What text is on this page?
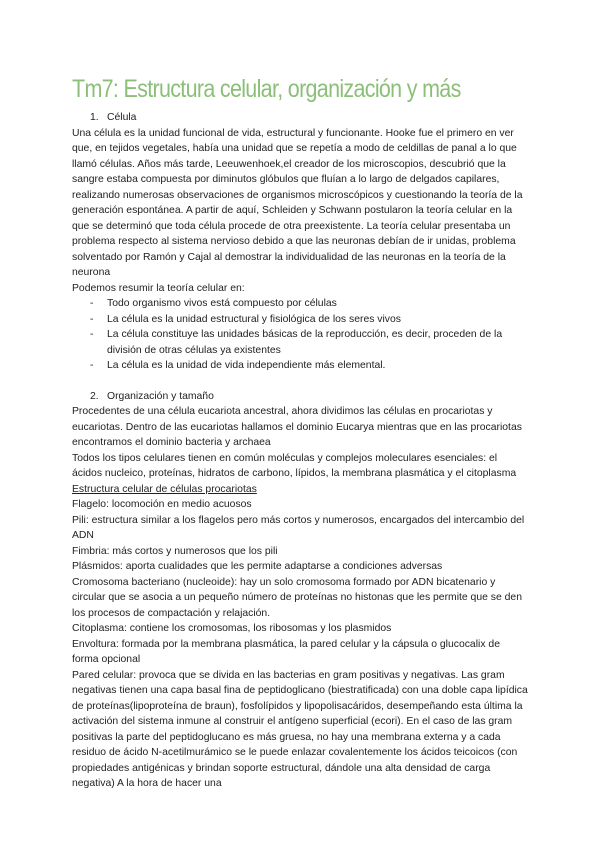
Tm7: Estructura celular, organización y más
1. Célula

Una célula es la unidad funcional de vida, estructural y funcionante. Hooke fue el primero en ver que, en tejidos vegetales, había una unidad que se repetía a modo de celdillas de panal a lo que llamó células. Años más tarde, Leeuwenhoek,el creador de los microscopios, descubrió que la sangre estaba compuesta por diminutos glóbulos que fluían a lo largo de delgados capilares, realizando numerosas observaciones de organismos microscópicos y cuestionando la teoría de la generación espontánea. A partir de aquí, Schleiden y Schwann postularon la teoría celular en la que se determinó que toda célula procede de otra preexistente. La teoría celular presentaba un problema respecto al sistema nervioso debido a que las neuronas debían de ir unidas, problema solventado por Ramón y Cajal al demostrar la individualidad de las neuronas en la teoría de la neurona

Podemos resumir la teoría celular en:

- Todo organismo vivos está compuesto por células
- La célula es la unidad estructural y fisiológica de los seres vivos
- La célula constituye las unidades básicas de la reproducción, es decir, proceden de la división de otras células ya existentes
- La célula es la unidad de vida independiente más elemental.
2. Organización y tamaño

Procedentes de una célula eucariota ancestral, ahora dividimos las células en procariotas y eucariotas. Dentro de las eucariotas hallamos el dominio Eucarya mientras que en las procariotas encontramos el dominio bacteria y archaea

Todos los tipos celulares tienen en común moléculas y complejos moleculares esenciales: el ácidos nucleico, proteínas, hidratos de carbono, lípidos, la membrana plasmática y el citoplasma

Estructura celular de células procariotas

Flagelo: locomoción en medio acuosos

Pili: estructura similar a los flagelos pero más cortos y numerosos, encargados del intercambio del ADN

Fimbria: más cortos y numerosos que los pili

Plásmidos: aporta cualidades que les permite adaptarse a condiciones adversas

Cromosoma bacteriano (nucleoide): hay un solo cromosoma formado por ADN bicatenario y circular que se asocia a un pequeño número de proteínas no histonas que les permite que se den los procesos de compactación y relajación.

Citoplasma: contiene los cromosomas, los ribosomas y los plasmidos

Envoltura: formada por la membrana plasmática, la pared celular y la cápsula o glucocalix de forma opcional

Pared celular: provoca que se divida en las bacterias en gram positivas y negativas. Las gram negativas tienen una capa basal fina de peptidoglicano (biestratificada) con una doble capa lipídica de proteínas(lipoproteína de braun), fosfolípidos y lipopolisacáridos, desempeñando esta última la activación del sistema inmune al construir el antígeno superficial (ecori). En el caso de las gram positivas la parte del peptidoglucano es más gruesa, no hay una membrana externa y a cada residuo de ácido N-acetilmurámico se le puede enlazar covalentemente los ácidos teicoicos (con propiedades antigénicas y brindan soporte estructural, dándole una alta densidad de carga negativa) A la hora de hacer una
